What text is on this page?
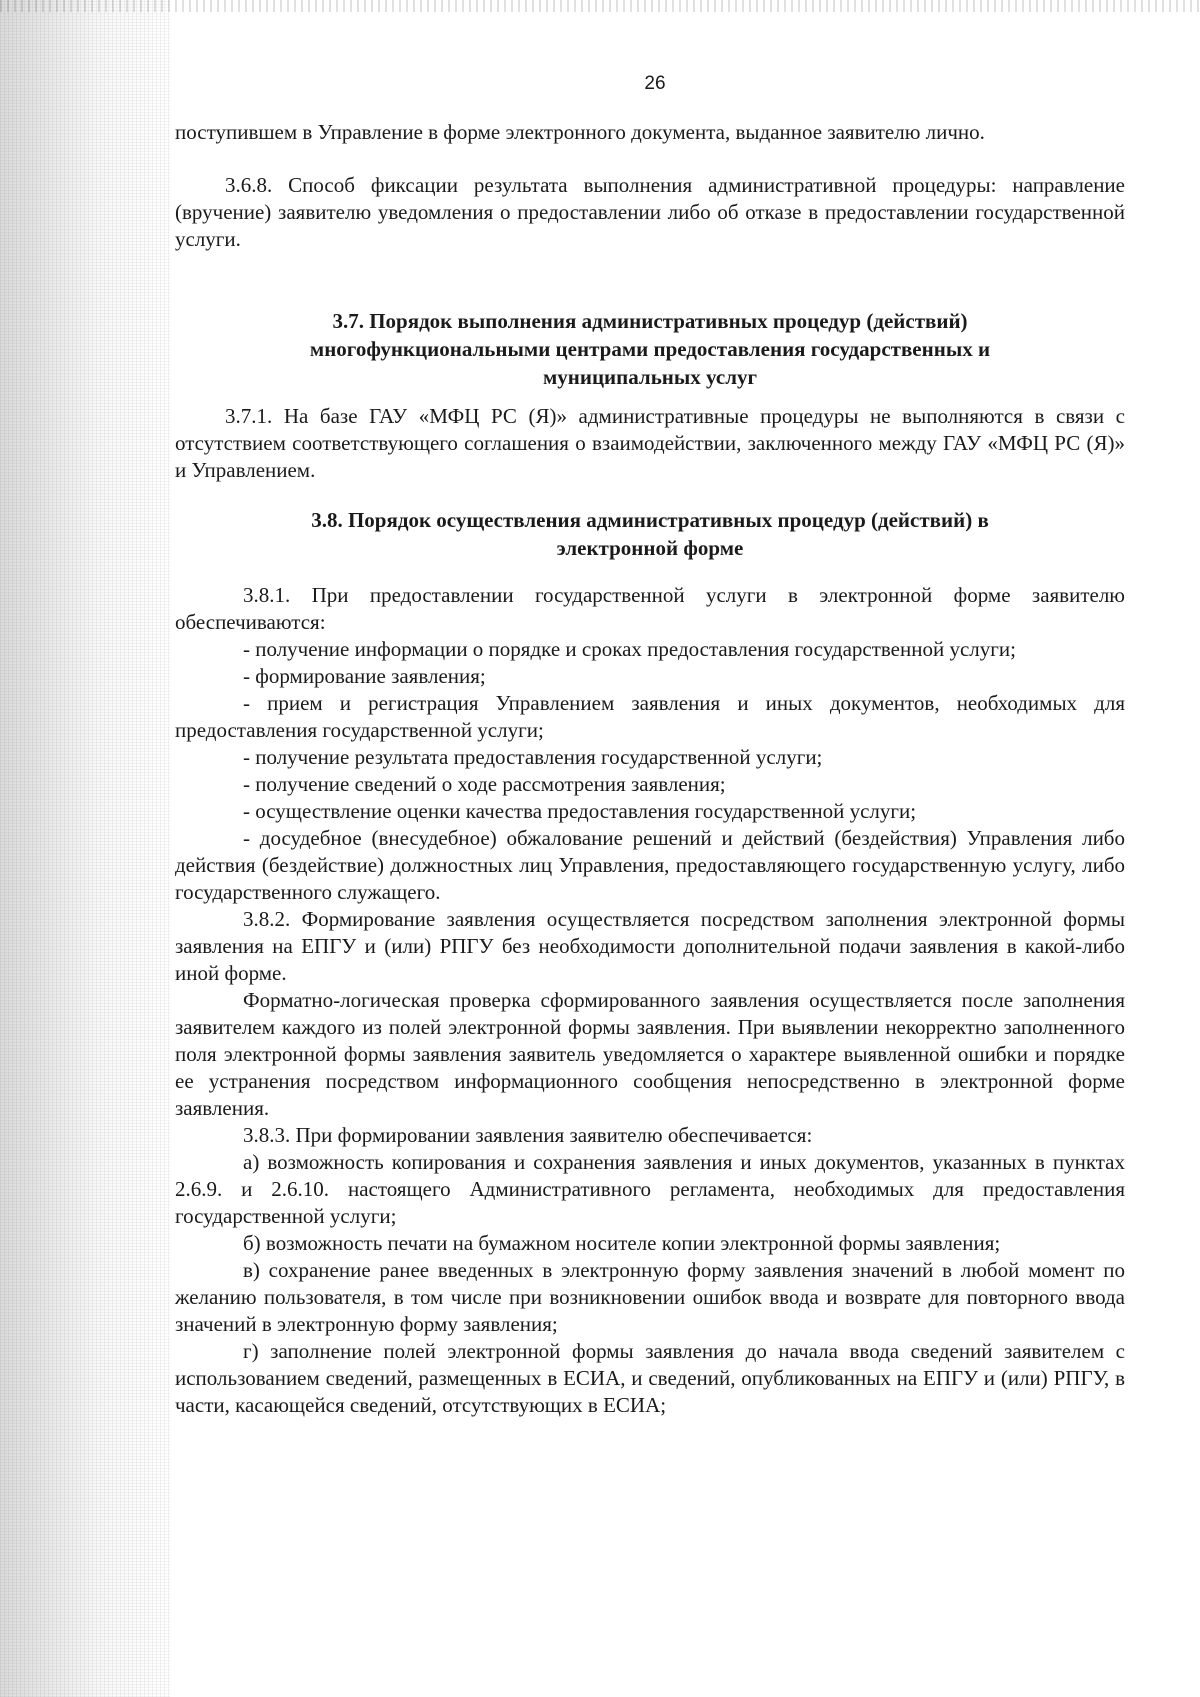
26

поступившем в Управление в форме электронного документа, выданное заявителю лично.

3.6.8. Способ фиксации результата выполнения административной процедуры: направление (вручение) заявителю уведомления о предоставлении либо об отказе в предоставлении государственной услуги.

3.7. Порядок выполнения административных процедур (действий) многофункциональными центрами предоставления государственных и муниципальных услуг

3.7.1. На базе ГАУ «МФЦ РС (Я)» административные процедуры не выполняются в связи с отсутствием соответствующего соглашения о взаимодействии, заключенного между ГАУ «МФЦ РС (Я)» и Управлением.

3.8. Порядок осуществления административных процедур (действий) в электронной форме

3.8.1. При предоставлении государственной услуги в электронной форме заявителю обеспечиваются:

- получение информации о порядке и сроках предоставления государственной услуги;

- формирование заявления;

- прием и регистрация Управлением заявления и иных документов, необходимых для предоставления государственной услуги;

- получение результата предоставления государственной услуги;

- получение сведений о ходе рассмотрения заявления;

- осуществление оценки качества предоставления государственной услуги;

- досудебное (внесудебное) обжалование решений и действий (бездействия) Управления либо действия (бездействие) должностных лиц Управления, предоставляющего государственную услугу, либо государственного служащего.

3.8.2. Формирование заявления осуществляется посредством заполнения электронной формы заявления на ЕПГУ и (или) РПГУ без необходимости дополнительной подачи заявления в какой-либо иной форме.

Форматно-логическая проверка сформированного заявления осуществляется после заполнения заявителем каждого из полей электронной формы заявления. При выявлении некорректно заполненного поля электронной формы заявления заявитель уведомляется о характере выявленной ошибки и порядке ее устранения посредством информационного сообщения непосредственно в электронной форме заявления.

3.8.3. При формировании заявления заявителю обеспечивается:

а) возможность копирования и сохранения заявления и иных документов, указанных в пунктах 2.6.9. и 2.6.10. настоящего Административного регламента, необходимых для предоставления государственной услуги;

б) возможность печати на бумажном носителе копии электронной формы заявления;

в) сохранение ранее введенных в электронную форму заявления значений в любой момент по желанию пользователя, в том числе при возникновении ошибок ввода и возврате для повторного ввода значений в электронную форму заявления;

г) заполнение полей электронной формы заявления до начала ввода сведений заявителем с использованием сведений, размещенных в ЕСИА, и сведений, опубликованных на ЕПГУ и (или) РПГУ, в части, касающейся сведений, отсутствующих в ЕСИА;
